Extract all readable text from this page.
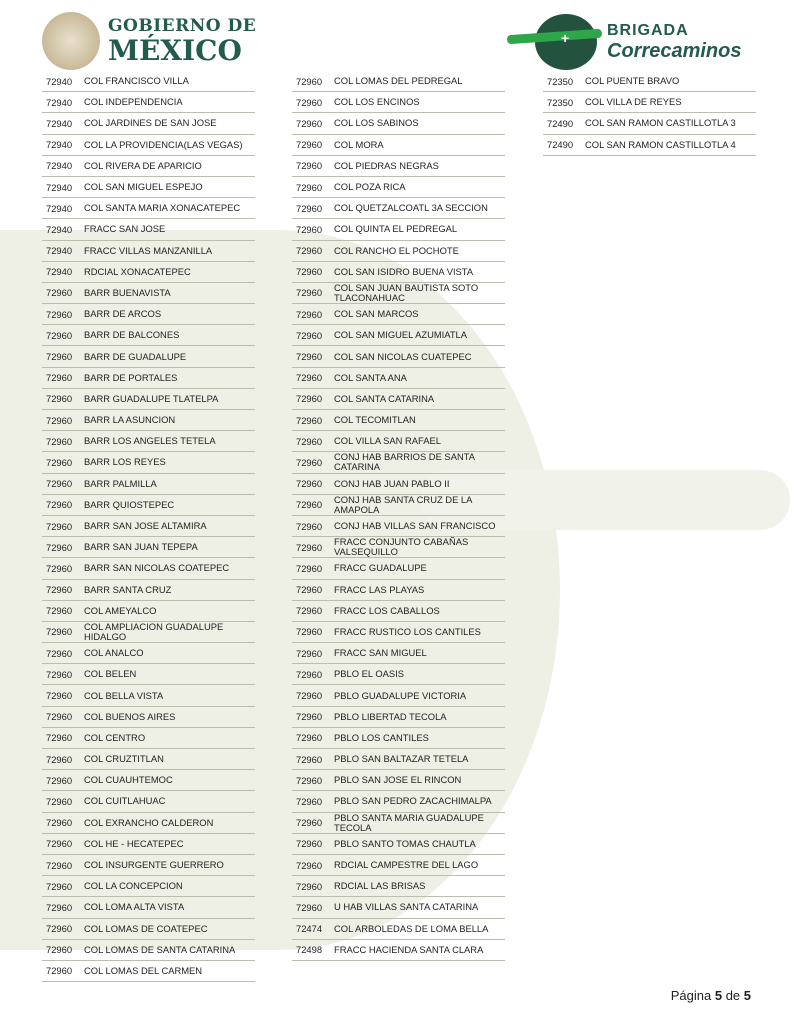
GOBIERNO DE
MÉXICO
+
BRIGADA
Correcaminos
72940	COL FRANCISCO VILLA
72940	COL INDEPENDENCIA
72940	COL JARDINES DE SAN JOSE
72940	COL LA PROVIDENCIA(LAS VEGAS)
72940	COL RIVERA DE APARICIO
72940	COL SAN MIGUEL ESPEJO
72940	COL SANTA MARIA XONACATEPEC
72940	FRACC SAN JOSE
72940	FRACC VILLAS MANZANILLA
72940	RDCIAL XONACATEPEC
72960	BARR BUENAVISTA
72960	BARR DE ARCOS
72960	BARR DE BALCONES
72960	BARR DE GUADALUPE
72960	BARR DE PORTALES
72960	BARR GUADALUPE TLATELPA
72960	BARR LA ASUNCION
72960	BARR LOS ANGELES TETELA
72960	BARR LOS REYES
72960	BARR PALMILLA
72960	BARR QUIOSTEPEC
72960	BARR SAN JOSE ALTAMIRA
72960	BARR SAN JUAN TEPEPA
72960	BARR SAN NICOLAS COATEPEC
72960	BARR SANTA CRUZ
72960	COL AMEYALCO
72960	COL AMPLIACION GUADALUPE HIDALGO
72960	COL ANALCO
72960	COL BELEN
72960	COL BELLA VISTA
72960	COL BUENOS AIRES
72960	COL CENTRO
72960	COL CRUZTITLAN
72960	COL CUAUHTEMOC
72960	COL CUITLAHUAC
72960	COL EXRANCHO CALDERON
72960	COL HE - HECATEPEC
72960	COL INSURGENTE GUERRERO
72960	COL LA CONCEPCION
72960	COL LOMA ALTA VISTA
72960	COL LOMAS DE COATEPEC
72960	COL LOMAS DE SANTA CATARINA
72960	COL LOMAS DEL CARMEN
72960	COL LOMAS DEL PEDREGAL
72960	COL LOS ENCINOS
72960	COL LOS SABINOS
72960	COL MORA
72960	COL PIEDRAS NEGRAS
72960	COL POZA RICA
72960	COL QUETZALCOATL 3A SECCION
72960	COL QUINTA EL PEDREGAL
72960	COL RANCHO EL POCHOTE
72960	COL SAN ISIDRO BUENA VISTA
72960	COL SAN JUAN BAUTISTA SOTO TLACONAHUAC
72960	COL SAN MARCOS
72960	COL SAN MIGUEL AZUMIATLA
72960	COL SAN NICOLAS CUATEPEC
72960	COL SANTA ANA
72960	COL SANTA CATARINA
72960	COL TECOMITLAN
72960	COL VILLA SAN RAFAEL
72960	CONJ HAB BARRIOS DE SANTA CATARINA
72960	CONJ HAB JUAN PABLO II
72960	CONJ HAB SANTA CRUZ DE LA AMAPOLA
72960	CONJ HAB VILLAS SAN FRANCISCO
72960	FRACC CONJUNTO CABAÑAS VALSEQUILLO
72960	FRACC GUADALUPE
72960	FRACC LAS PLAYAS
72960	FRACC LOS CABALLOS
72960	FRACC RUSTICO LOS CANTILES
72960	FRACC SAN MIGUEL
72960	PBLO EL OASIS
72960	PBLO GUADALUPE VICTORIA
72960	PBLO LIBERTAD TECOLA
72960	PBLO LOS CANTILES
72960	PBLO SAN BALTAZAR TETELA
72960	PBLO SAN JOSE EL RINCON
72960	PBLO SAN PEDRO ZACACHIMALPA
72960	PBLO SANTA MARIA GUADALUPE TECOLA
72960	PBLO SANTO TOMAS CHAUTLA
72960	RDCIAL CAMPESTRE DEL LAGO
72960	RDCIAL LAS BRISAS
72960	U HAB VILLAS SANTA CATARINA
72474	COL ARBOLEDAS DE LOMA BELLA
72498	FRACC HACIENDA SANTA CLARA
72350	COL PUENTE BRAVO
72350	COL VILLA DE REYES
72490	COL SAN RAMON CASTILLOTLA 3
72490	COL SAN RAMON CASTILLOTLA 4
Página 5 de 5
